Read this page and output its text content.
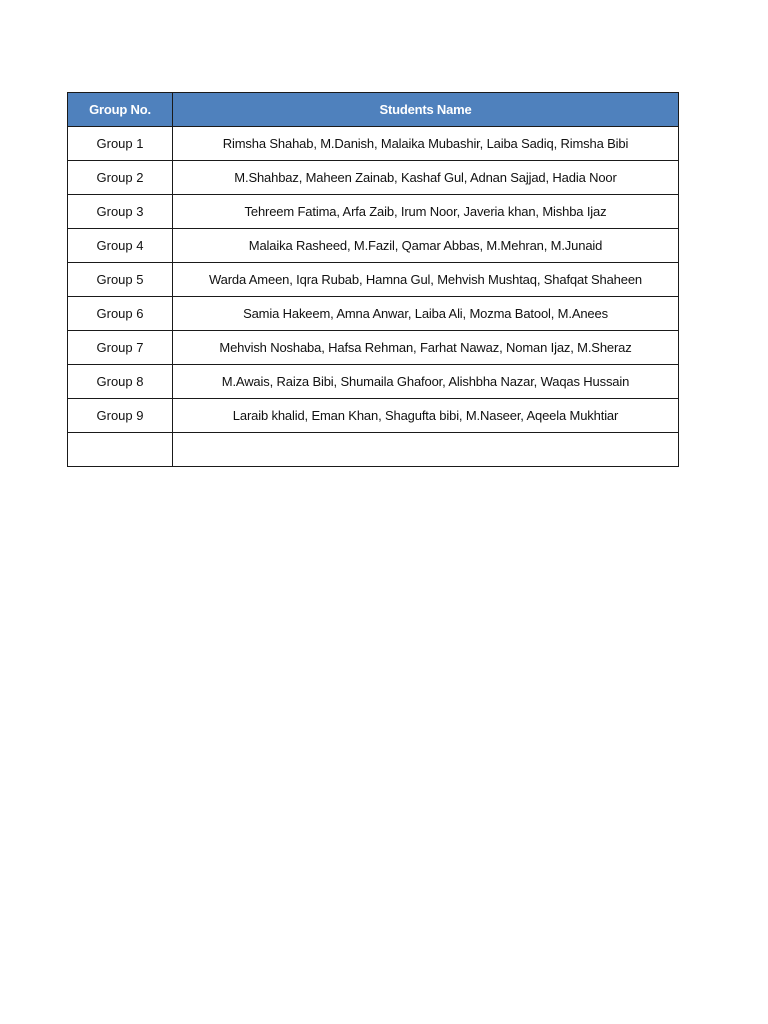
Group No.	Students Name
Group 1	Rimsha Shahab, M.Danish, Malaika Mubashir, Laiba Sadiq, Rimsha Bibi
Group 2	M.Shahbaz, Maheen Zainab, Kashaf Gul, Adnan Sajjad, Hadia Noor
Group 3	Tehreem Fatima, Arfa Zaib, Irum Noor, Javeria khan, Mishba Ijaz
Group 4	Malaika Rasheed, M.Fazil, Qamar Abbas, M.Mehran, M.Junaid
Group 5	Warda Ameen, Iqra Rubab, Hamna Gul, Mehvish Mushtaq, Shafqat Shaheen
Group 6	Samia Hakeem, Amna Anwar, Laiba Ali, Mozma Batool, M.Anees
Group 7	Mehvish Noshaba, Hafsa Rehman, Farhat Nawaz, Noman Ijaz, M.Sheraz
Group 8	M.Awais, Raiza Bibi, Shumaila Ghafoor, Alishbha Nazar, Waqas Hussain
Group 9	Laraib khalid, Eman Khan, Shagufta bibi, M.Naseer, Aqeela Mukhtiar
